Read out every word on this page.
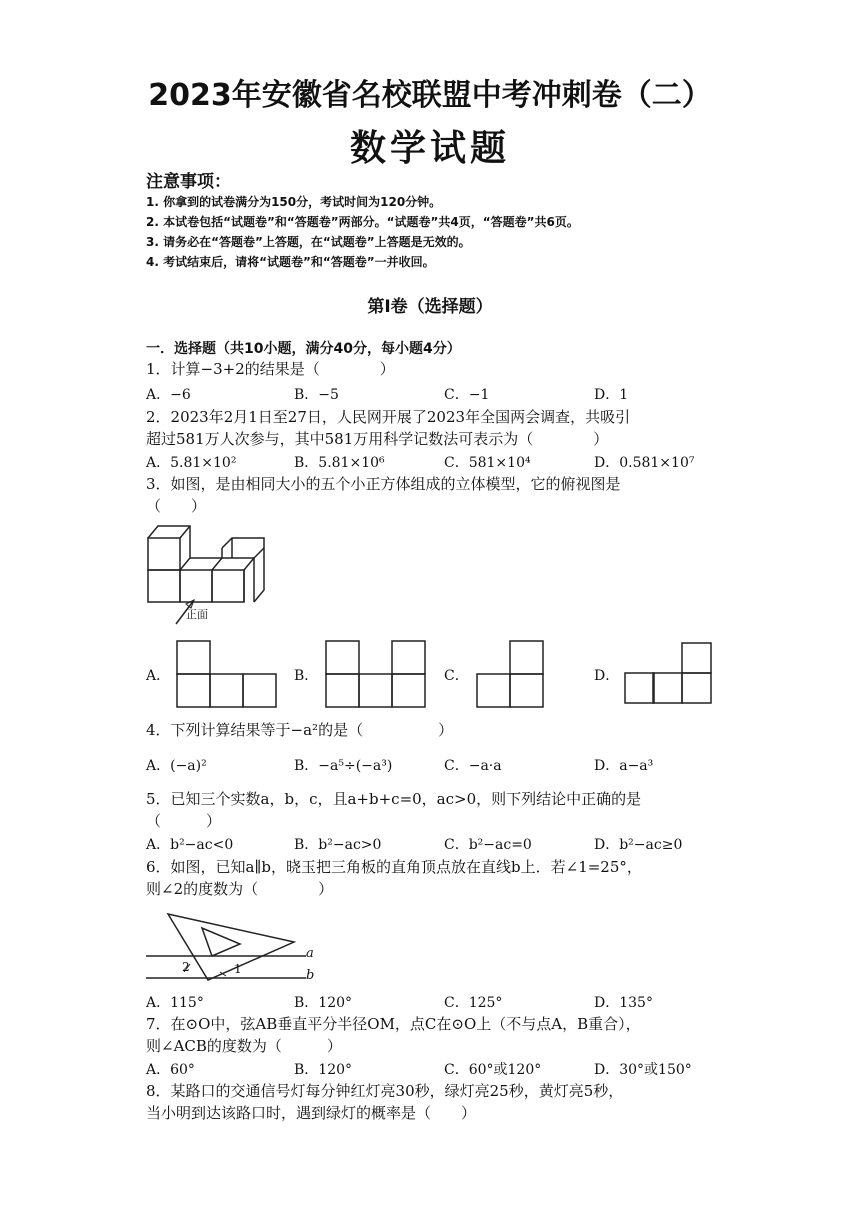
2023年安徽省名校联盟中考冲刺卷（二）
数学试题
注意事项：
1. 你拿到的试卷满分为150分，考试时间为120分钟。
2. 本试卷包括“试题卷”和“答题卷”两部分。“试题卷”共4页，“答题卷”共6页。
3. 请务必在“答题卷”上答题，在“试题卷”上答题是无效的。
4. 考试结束后，请将“试题卷”和“答题卷”一并收回。
第Ⅰ卷（选择题）
一．选择题（共10小题，满分40分，每小题4分）
1．计算−3+2的结果是（　　　　）
A．−6	B．−5	C．−1	D．1
2．2023年2月1日至27日，人民网开展了2023年全国两会调查，共吸引
超过581万人次参与，其中581万用科学记数法可表示为（　　　　）
A．5.81×10²	B．5.81×10⁶	C．581×10⁴	D．0.581×10⁷
3．如图，是由相同大小的五个小正方体组成的立体模型，它的俯视图是
（　　）
正面
A．	B．	C．	D．
4．下列计算结果等于−a²的是（　　　　　）
A．(−a)²	B．−a⁵÷(−a³)	C．−a·a	D．a−a³
5．已知三个实数a，b，c，且a+b+c=0，ac>0，则下列结论中正确的是
（　　　）
A．b²−ac<0	B．b²−ac>0	C．b²−ac=0	D．b²−ac≥0
6．如图，已知a∥b，晓玉把三角板的直角顶点放在直线b上．若∠1=25°，
则∠2的度数为（　　　　）
a
b
1
2
A．115°	B．120°	C．125°	D．135°
7．在⊙O中，弦AB垂直平分半径OM，点C在⊙O上（不与点A，B重合），
则∠ACB的度数为（　　　）
A．60°	B．120°	C．60°或120°	D．30°或150°
8．某路口的交通信号灯每分钟红灯亮30秒，绿灯亮25秒，黄灯亮5秒，
当小明到达该路口时，遇到绿灯的概率是（　　）
